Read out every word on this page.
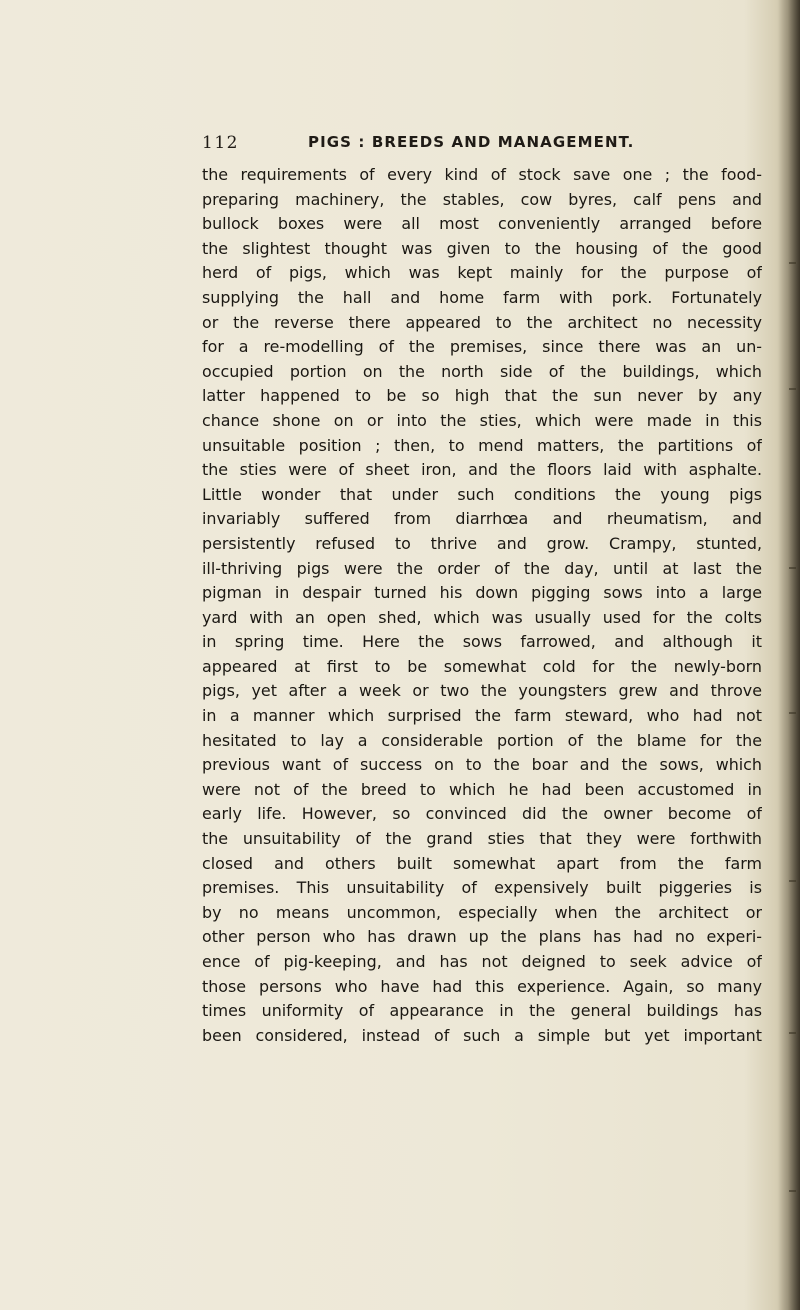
112	PIGS : BREEDS AND MANAGEMENT.
the requirements of every kind of stock save one ; the food-
preparing machinery, the stables, cow byres, calf pens and
bullock boxes were all most conveniently arranged before
the slightest thought was given to the housing of the good
herd of pigs, which was kept mainly for the purpose of
supplying the hall and home farm with pork. Fortunately
or the reverse there appeared to the architect no necessity
for a re-modelling of the premises, since there was an un-
occupied portion on the north side of the buildings, which
latter happened to be so high that the sun never by any
chance shone on or into the sties, which were made in this
unsuitable position ; then, to mend matters, the partitions of
the sties were of sheet iron, and the floors laid with asphalte.
Little wonder that under such conditions the young pigs
invariably suffered from diarrhœa and rheumatism, and
persistently refused to thrive and grow. Crampy, stunted,
ill-thriving pigs were the order of the day, until at last the
pigman in despair turned his down pigging sows into a large
yard with an open shed, which was usually used for the colts
in spring time. Here the sows farrowed, and although it
appeared at first to be somewhat cold for the newly-born
pigs, yet after a week or two the youngsters grew and throve
in a manner which surprised the farm steward, who had not
hesitated to lay a considerable portion of the blame for the
previous want of success on to the boar and the sows, which
were not of the breed to which he had been accustomed in
early life. However, so convinced did the owner become of
the unsuitability of the grand sties that they were forthwith
closed and others built somewhat apart from the farm
premises. This unsuitability of expensively built piggeries is
by no means uncommon, especially when the architect or
other person who has drawn up the plans has had no experi-
ence of pig-keeping, and has not deigned to seek advice of
those persons who have had this experience. Again, so many
times uniformity of appearance in the general buildings has
been considered, instead of such a simple but yet important
